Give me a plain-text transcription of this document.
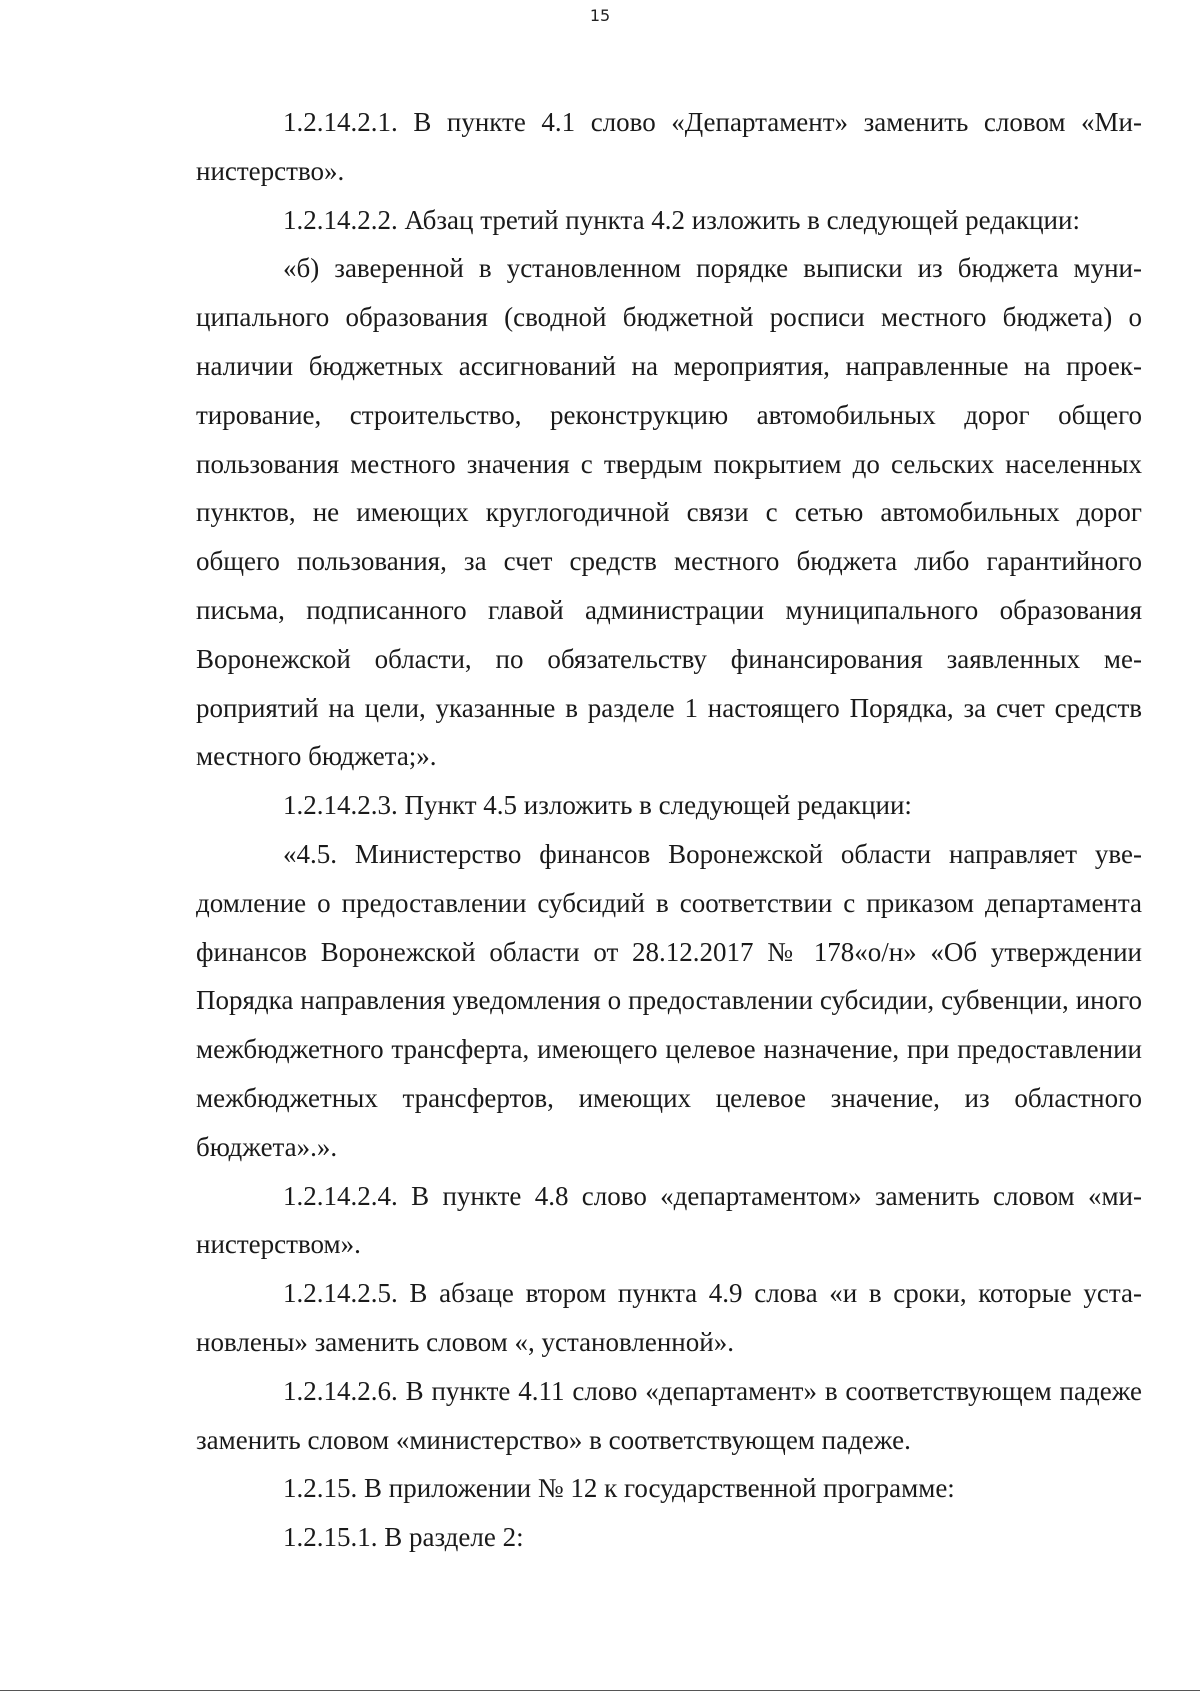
15

1.2.14.2.1. В пункте 4.1 слово «Департамент» заменить словом «Министерство».

1.2.14.2.2. Абзац третий пункта 4.2 изложить в следующей редакции:

«б) заверенной в установленном порядке выписки из бюджета муниципального образования (сводной бюджетной росписи местного бюджета) о наличии бюджетных ассигнований на мероприятия, направленные на проектирование, строительство, реконструкцию автомобильных дорог общего пользования местного значения с твердым покрытием до сельских населенных пунктов, не имеющих круглогодичной связи с сетью автомобильных дорог общего пользования, за счет средств местного бюджета либо гарантийного письма, подписанного главой администрации муниципального образования Воронежской области, по обязательству финансирования заявленных мероприятий на цели, указанные в разделе 1 настоящего Порядка, за счет средств местного бюджета;».

1.2.14.2.3. Пункт 4.5 изложить в следующей редакции:

«4.5. Министерство финансов Воронежской области направляет уведомление о предоставлении субсидий в соответствии с приказом департамента финансов Воронежской области от 28.12.2017 № 178«о/н» «Об утверждении Порядка направления уведомления о предоставлении субсидии, субвенции, иного межбюджетного трансферта, имеющего целевое назначение, при предоставлении межбюджетных трансфертов, имеющих целевое значение, из областного бюджета».».

1.2.14.2.4. В пункте 4.8 слово «департаментом» заменить словом «министерством».

1.2.14.2.5. В абзаце втором пункта 4.9 слова «и в сроки, которые установлены» заменить словом «, установленной».

1.2.14.2.6. В пункте 4.11 слово «департамент» в соответствующем падеже заменить словом «министерство» в соответствующем падеже.

1.2.15. В приложении № 12 к государственной программе:

1.2.15.1. В разделе 2:
